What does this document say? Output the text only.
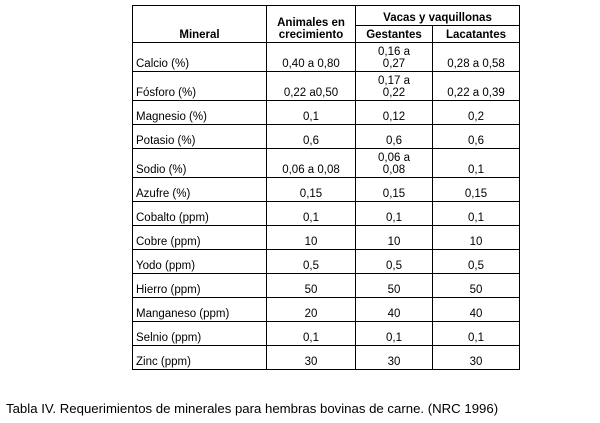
Mineral	Animales en crecimiento	Vacas y vaquillonas	
		Gestantes	Lacatantes
Calcio (%)	0,40 a 0,80	0,16 a 0,27	0,28 a 0,58
Fósforo (%)	0,22 a0,50	0,17 a 0,22	0,22 a 0,39
Magnesio (%)	0,1	0,12	0,2
Potasio (%)	0,6	0,6	0,6
Sodio (%)	0,06 a 0,08	0,06 a 0,08	0,1
Azufre (%)	0,15	0,15	0,15
Cobalto (ppm)	0,1	0,1	0,1
Cobre (ppm)	10	10	10
Yodo (ppm)	0,5	0,5	0,5
Hierro (ppm)	50	50	50
Manganeso (ppm)	20	40	40
Selnio (ppm)	0,1	0,1	0,1
Zinc (ppm)	30	30	30
Tabla IV. Requerimientos de minerales para hembras bovinas de carne. (NRC 1996)
